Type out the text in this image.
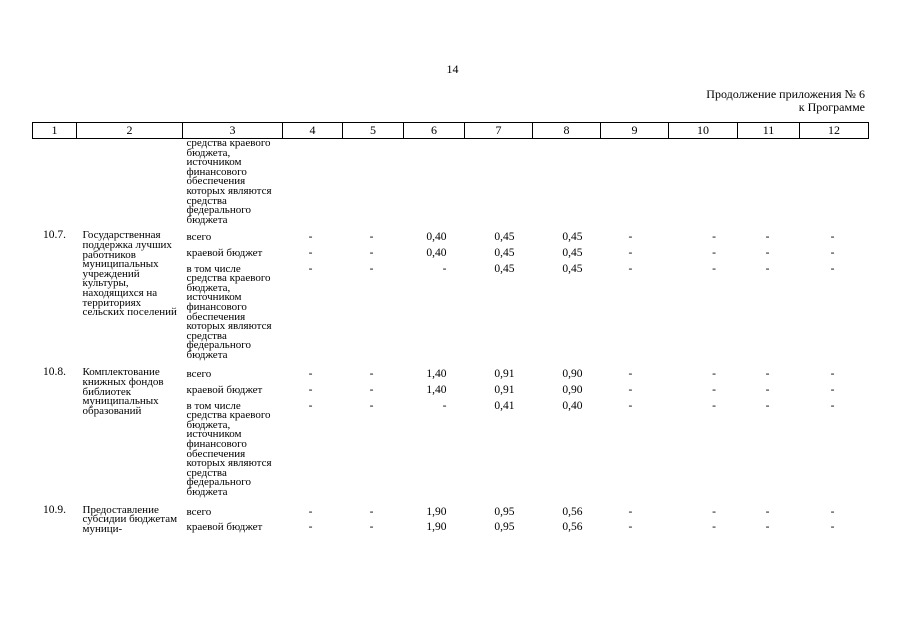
14
Продолжение приложения № 6
к Программе
1	2	3	4	5	6	7	8	9	10	11	12
		средства краевого бюджета, источником финансового обеспечения которых являются средства федерального бюджета									
10.7.	Государственная поддержка лучших работников муниципальных учреждений культуры, находящихся на территориях сельских поселений	всего	-	-	0,40	0,45	0,45	-	-	-	-
		краевой бюджет	-	-	0,40	0,45	0,45	-	-	-	-
		в том числе средства краевого бюджета, источником финансового обеспечения которых являются средства федерального бюджета	-	-	-	0,45	0,45	-	-	-	-
10.8.	Комплектование книжных фондов библиотек муниципальных образований	всего	-	-	1,40	0,91	0,90	-	-	-	-
		краевой бюджет	-	-	1,40	0,91	0,90	-	-	-	-
		в том числе средства краевого бюджета, источником финансового обеспечения которых являются средства федерального бюджета	-	-	-	0,41	0,40	-	-	-	-
10.9.	Предоставление субсидии бюджетам муници-	всего	-	-	1,90	0,95	0,56	-	-	-	-
		краевой бюджет	-	-	1,90	0,95	0,56	-	-	-	-
